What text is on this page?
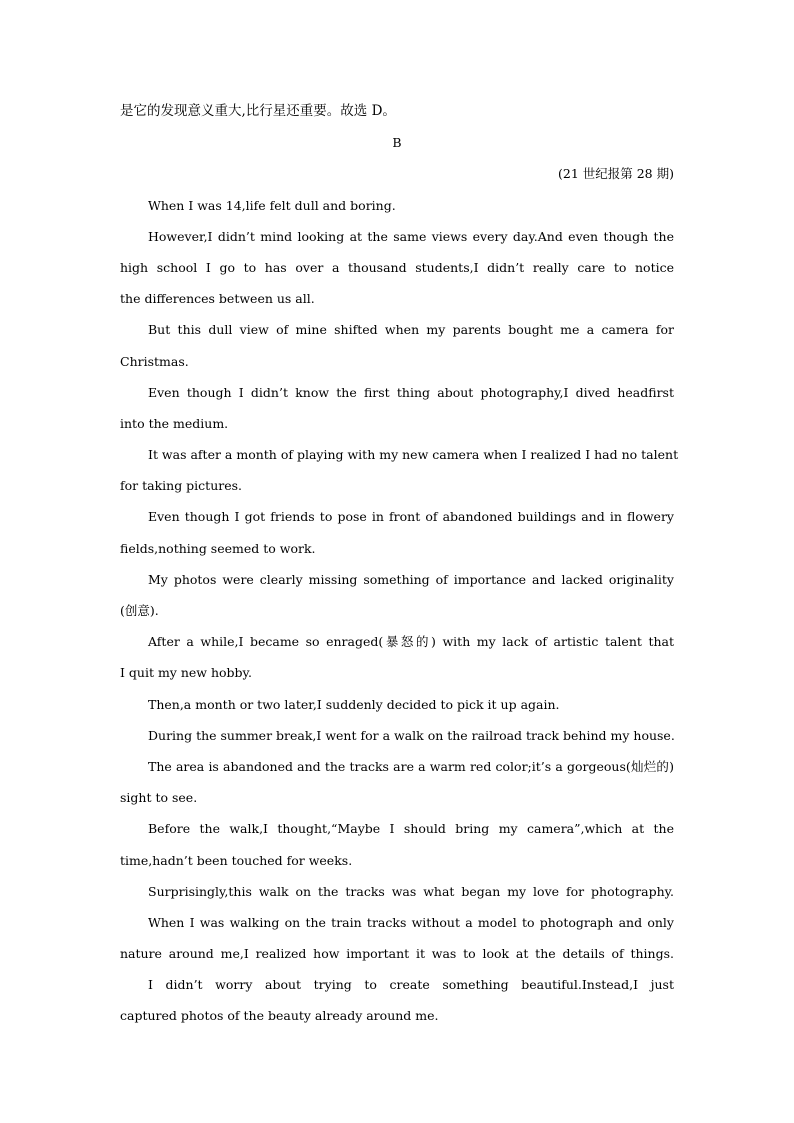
是它的发现意义重大,比行星还重要。故选 D。
B
(21 世纪报第 28 期)
When I was 14,life felt dull and boring.
However,I didn’t mind looking at the same views every day.And even though the
high school I go to has over a thousand students,I didn’t really care to notice
the differences between us all.
But this dull view of mine shifted when my parents bought me a camera for
Christmas.
Even though I didn’t know the first thing about photography,I dived headfirst
into the medium.
It was after a month of playing with my new camera when I realized I had no talent
for taking pictures.
Even though I got friends to pose in front of abandoned buildings and in flowery
fields,nothing seemed to work.
My photos were clearly missing something of importance and lacked originality
(创意).
After a while,I became so enraged(暴怒的) with my lack of artistic talent that
I quit my new hobby.
Then,a month or two later,I suddenly decided to pick it up again.
During the summer break,I went for a walk on the railroad track behind my house.
The area is abandoned and the tracks are a warm red color;it’s a gorgeous(灿烂的)
sight to see.
Before the walk,I thought,“Maybe I should bring my camera”,which at the
time,hadn’t been touched for weeks.
Surprisingly,this walk on the tracks was what began my love for photography.
When I was walking on the train tracks without a model to photograph and only
nature around me,I realized how important it was to look at the details of things.
I didn’t worry about trying to create something beautiful.Instead,I just
captured photos of the beauty already around me.
